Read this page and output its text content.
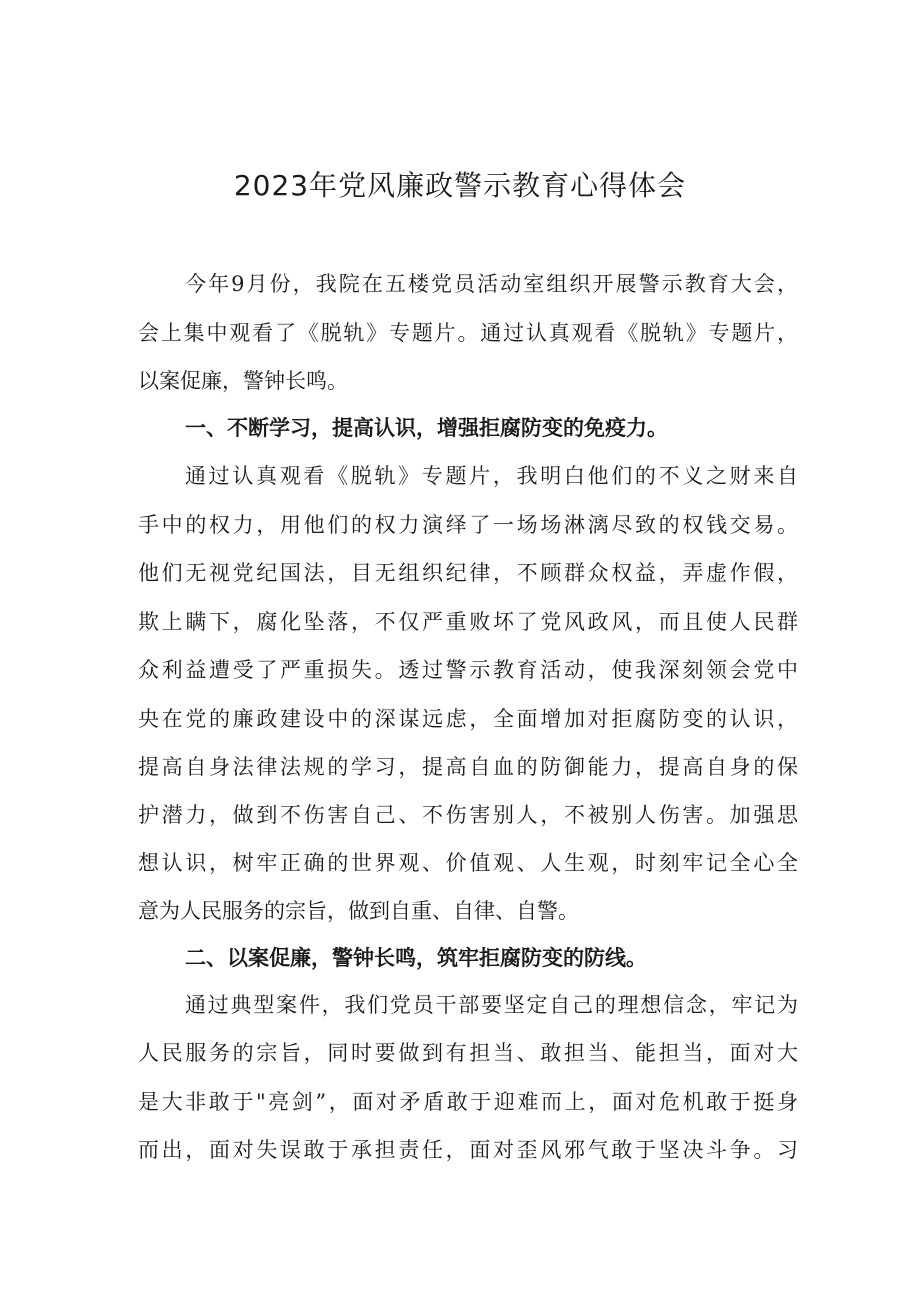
2023年党风廉政警示教育心得体会

今年9月份，我院在五楼党员活动室组织开展警示教育大会，

会上集中观看了《脱轨》专题片。通过认真观看《脱轨》专题片，

以案促廉，警钟长鸣。

一、不断学习，提高认识，增强拒腐防变的免疫力。

通过认真观看《脱轨》专题片，我明白他们的不义之财来自

手中的权力，用他们的权力演绎了一场场淋漓尽致的权钱交易。

他们无视党纪国法，目无组织纪律，不顾群众权益，弄虚作假，

欺上瞒下，腐化坠落，不仅严重败坏了党风政风，而且使人民群

众利益遭受了严重损失。透过警示教育活动，使我深刻领会党中

央在党的廉政建设中的深谋远虑，全面增加对拒腐防变的认识，

提高自身法律法规的学习，提高自血的防御能力，提高自身的保

护潜力，做到不伤害自己、不伤害别人，不被别人伤害。加强思

想认识，树牢正确的世界观、价值观、人生观，时刻牢记全心全

意为人民服务的宗旨，做到自重、自律、自警。

二、以案促廉，警钟长鸣，筑牢拒腐防变的防线。

通过典型案件，我们党员干部要坚定自己的理想信念，牢记为

人民服务的宗旨，同时要做到有担当、敢担当、能担当，面对大

是大非敢于"亮剑”，面对矛盾敢于迎难而上，面对危机敢于挺身

而出，面对失误敢于承担责任，面对歪风邪气敢于坚决斗争。习
